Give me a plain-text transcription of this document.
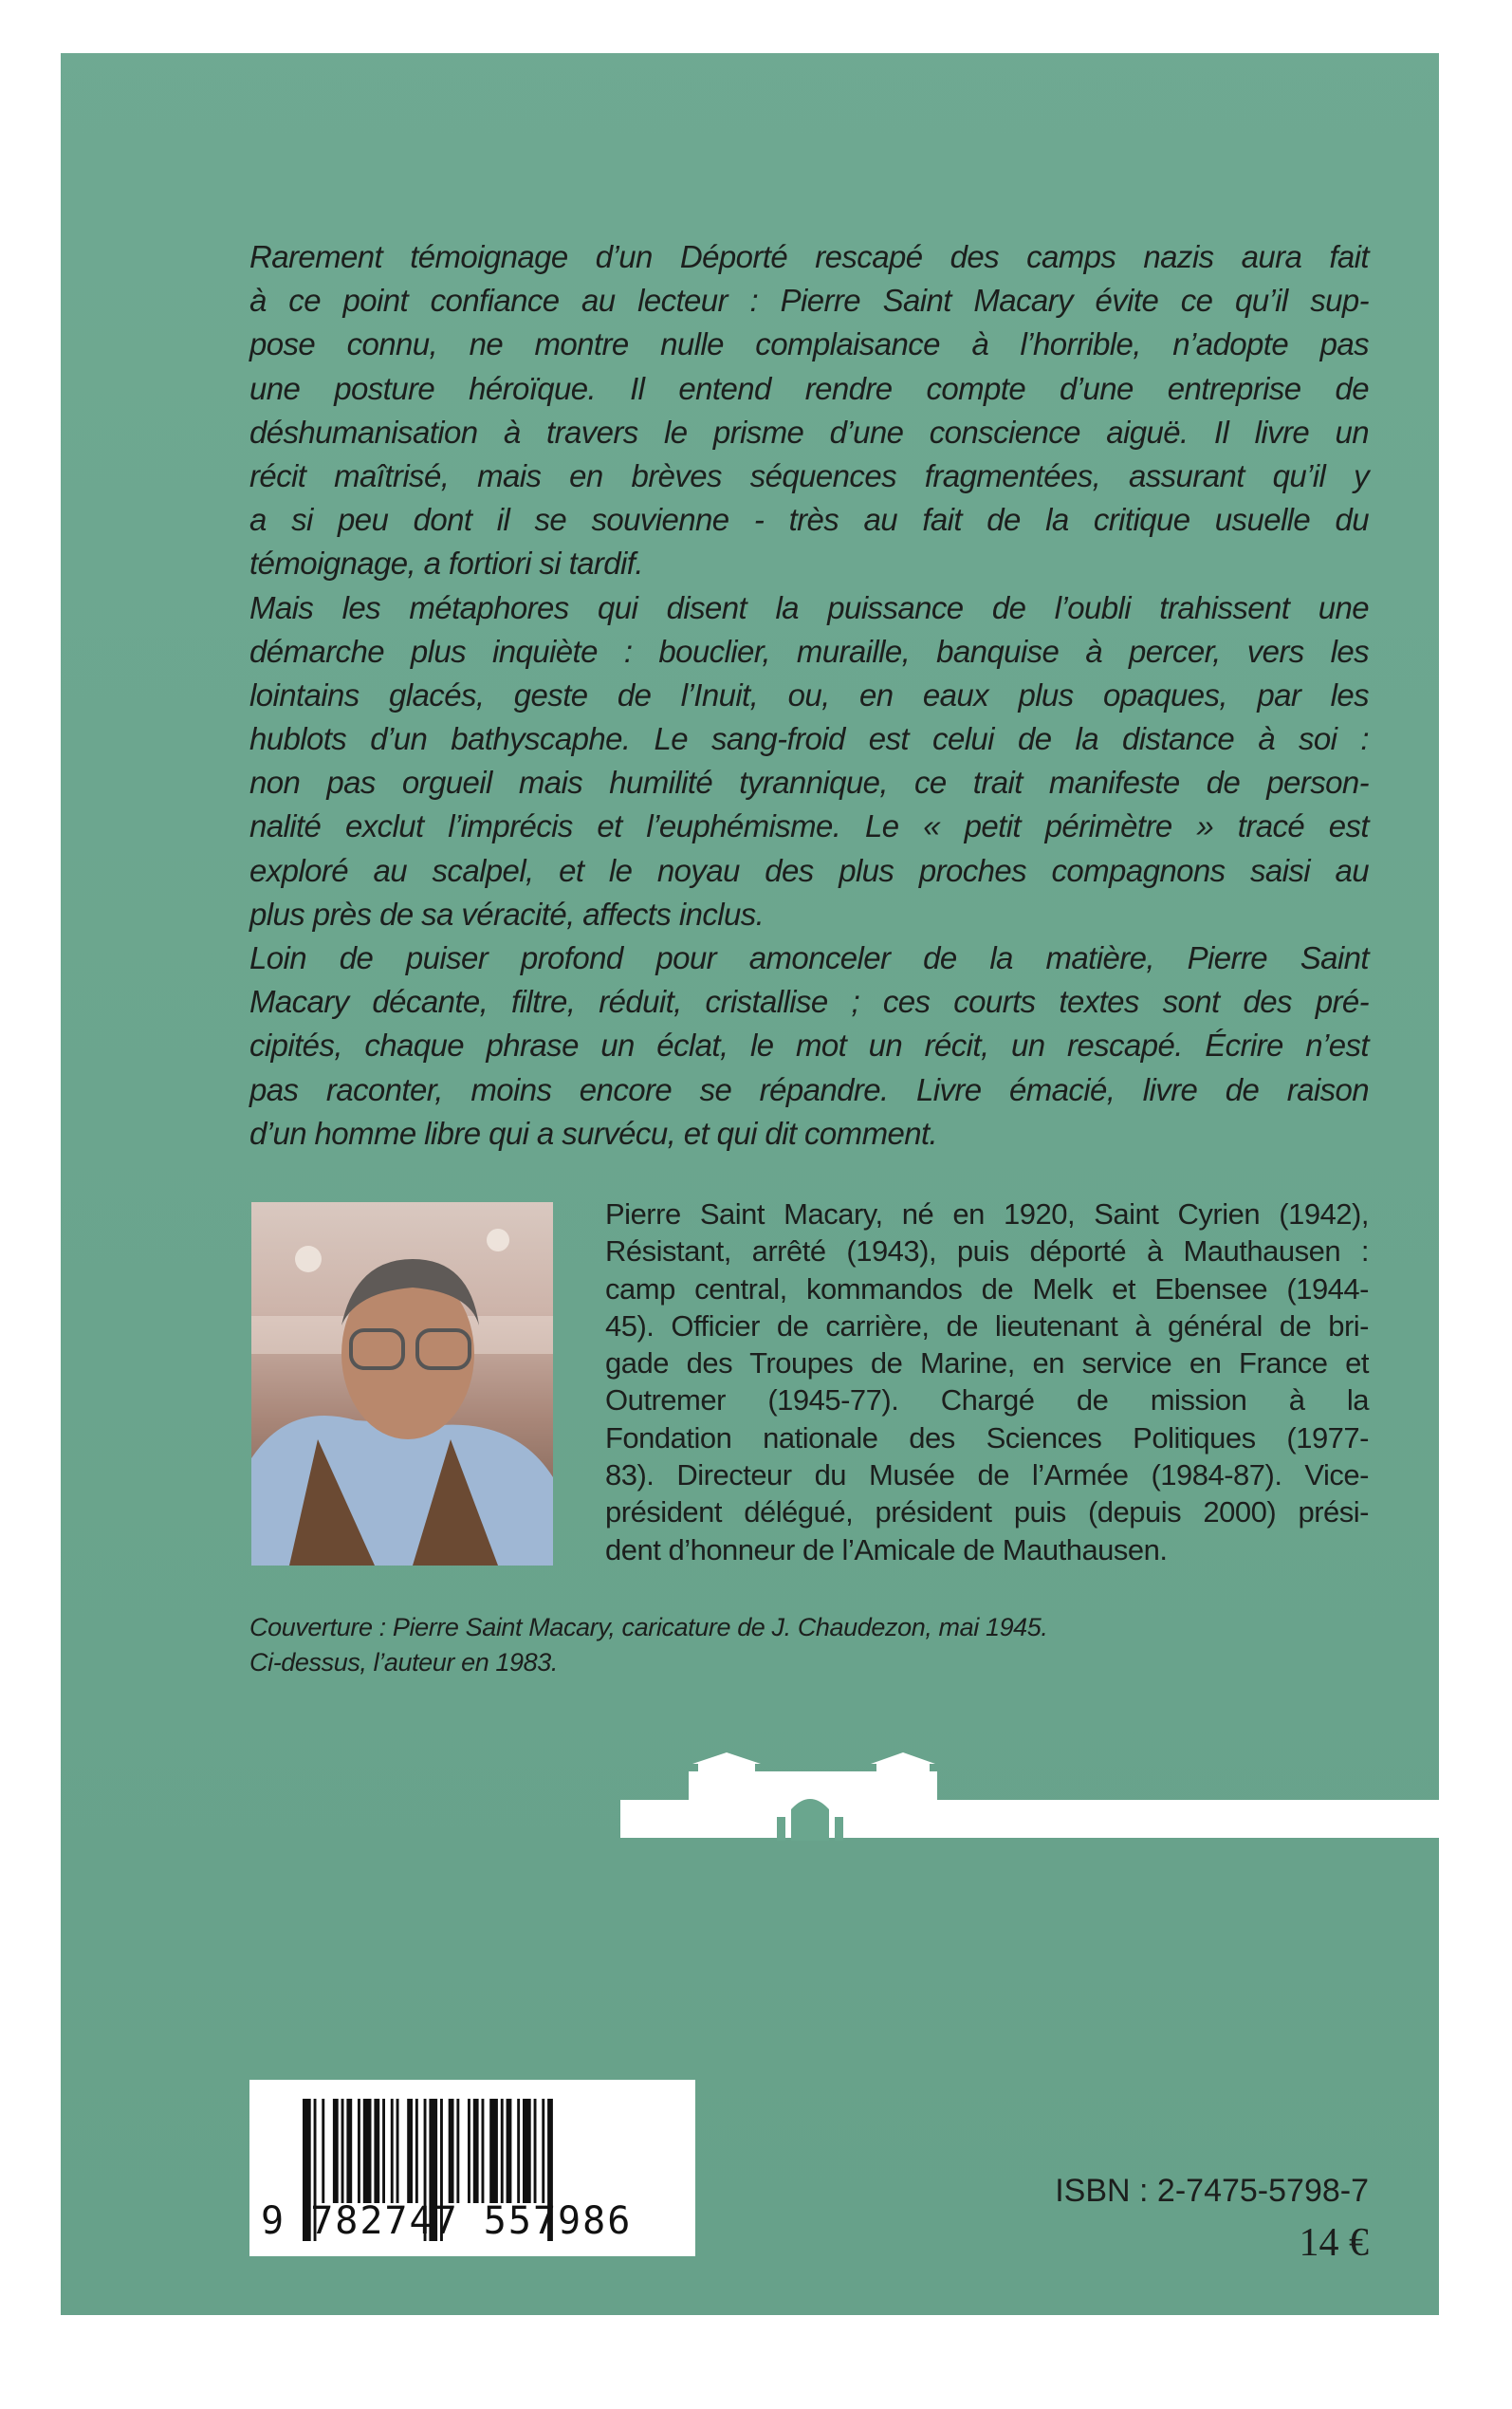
Rarement témoignage d’un Déporté rescapé des camps nazis aura fait
à ce point confiance au lecteur : Pierre Saint Macary évite ce qu’il sup-
pose connu, ne montre nulle complaisance à l’horrible, n’adopte pas
une posture héroïque. Il entend rendre compte d’une entreprise de
déshumanisation à travers le prisme d’une conscience aiguë. Il livre un
récit maîtrisé, mais en brèves séquences fragmentées, assurant qu’il y
a si peu dont il se souvienne - très au fait de la critique usuelle du
témoignage, a fortiori si tardif.
Mais les métaphores qui disent la puissance de l’oubli trahissent une
démarche plus inquiète : bouclier, muraille, banquise à percer, vers les
lointains glacés, geste de l’Inuit, ou, en eaux plus opaques, par les
hublots d’un bathyscaphe. Le sang-froid est celui de la distance à soi :
non pas orgueil mais humilité tyrannique, ce trait manifeste de person-
nalité exclut l’imprécis et l’euphémisme. Le « petit périmètre » tracé est
exploré au scalpel, et le noyau des plus proches compagnons saisi au
plus près de sa véracité, affects inclus.
Loin de puiser profond pour amonceler de la matière, Pierre Saint
Macary décante, filtre, réduit, cristallise ; ces courts textes sont des pré-
cipités, chaque phrase un éclat, le mot un récit, un rescapé. Écrire n’est
pas raconter, moins encore se répandre. Livre émacié, livre de raison
d’un homme libre qui a survécu, et qui dit comment.
Pierre Saint Macary, né en 1920, Saint Cyrien (1942),
Résistant, arrêté (1943), puis déporté à Mauthausen :
camp central, kommandos de Melk et Ebensee (1944-
45). Officier de carrière, de lieutenant à général de bri-
gade des Troupes de Marine, en service en France et
Outremer (1945-77). Chargé de mission à la
Fondation nationale des Sciences Politiques (1977-
83). Directeur du Musée de l’Armée (1984-87). Vice-
président délégué, président puis (depuis 2000) prési-
dent d’honneur de l’Amicale de Mauthausen.
Couverture : Pierre Saint Macary, caricature de J. Chaudezon, mai 1945.
Ci-dessus, l’auteur en 1983.
9 782747 557986
ISBN : 2-7475-5798-7
14 €
